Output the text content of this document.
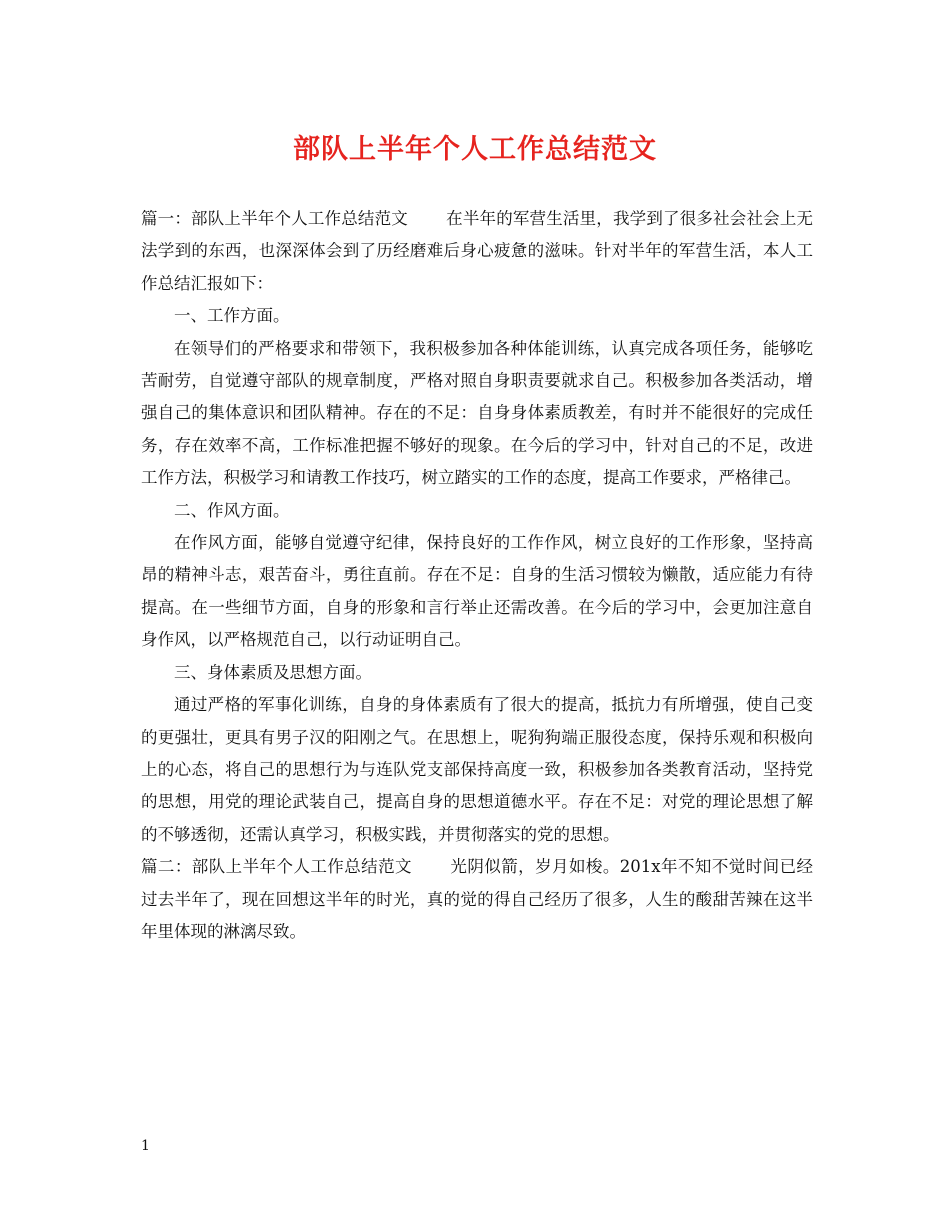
部队上半年个人工作总结范文

篇一：部队上半年个人工作总结范文 在半年的军营生活里，我学到了很多社会社会上无法学到的东西，也深深体会到了历经磨难后身心疲惫的滋味。针对半年的军营生活，本人工作总结汇报如下：

一、工作方面。

在领导们的严格要求和带领下，我积极参加各种体能训练，认真完成各项任务，能够吃苦耐劳，自觉遵守部队的规章制度，严格对照自身职责要就求自己。积极参加各类活动，增强自己的集体意识和团队精神。存在的不足：自身身体素质教差，有时并不能很好的完成任务，存在效率不高，工作标准把握不够好的现象。在今后的学习中，针对自己的不足，改进工作方法，积极学习和请教工作技巧，树立踏实的工作的态度，提高工作要求，严格律己。

二、作风方面。

在作风方面，能够自觉遵守纪律，保持良好的工作作风，树立良好的工作形象，坚持高昂的精神斗志，艰苦奋斗，勇往直前。存在不足：自身的生活习惯较为懒散，适应能力有待提高。在一些细节方面，自身的形象和言行举止还需改善。在今后的学习中，会更加注意自身作风，以严格规范自己，以行动证明自己。

三、身体素质及思想方面。

通过严格的军事化训练，自身的身体素质有了很大的提高，抵抗力有所增强，使自己变的更强壮，更具有男子汉的阳刚之气。在思想上，呢狗狗端正服役态度，保持乐观和积极向上的心态，将自己的思想行为与连队党支部保持高度一致，积极参加各类教育活动，坚持党的思想，用党的理论武装自己，提高自身的思想道德水平。存在不足：对党的理论思想了解的不够透彻，还需认真学习，积极实践，并贯彻落实的党的思想。

篇二：部队上半年个人工作总结范文 光阴似箭，岁月如梭。201x年不知不觉时间已经过去半年了，现在回想这半年的时光，真的觉的得自己经历了很多，人生的酸甜苦辣在这半年里体现的淋漓尽致。

1
